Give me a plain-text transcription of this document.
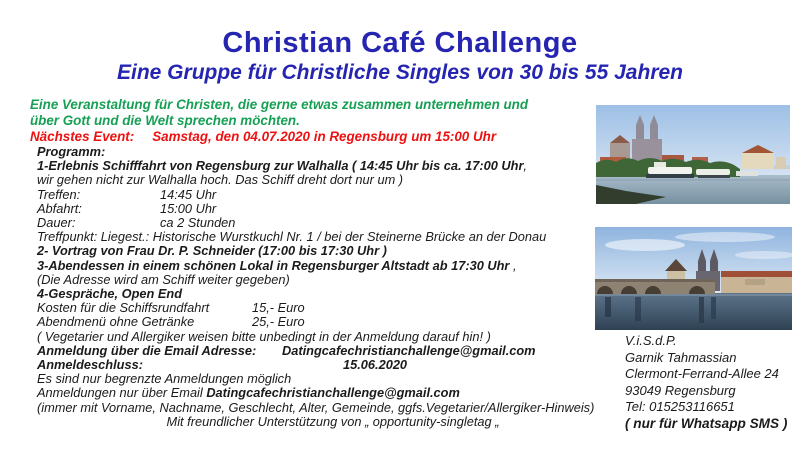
Christian Café Challenge
Eine Gruppe für Christliche Singles von 30 bis 55 Jahren
Eine Veranstaltung für Christen, die gerne etwas zusammen unternehmen und
über Gott und die Welt sprechen möchten.
Nächstes Event: Samstag, den 04.07.2020 in Regensburg um 15:00 Uhr
Programm:
1-Erlebnis Schifffahrt von Regensburg zur Walhalla ( 14:45 Uhr bis ca. 17:00 Uhr,
wir gehen nicht zur Walhalla hoch. Das Schiff dreht dort nur um )
Treffen:	14:45 Uhr
Abfahrt:	15:00 Uhr
Dauer:	ca 2 Stunden
Treffpunkt: Liegest.: Historische Wurstkuchl Nr. 1 / bei der Steinerne Brücke an der Donau
2- Vortrag von Frau Dr. P. Schneider (17:00 bis 17:30 Uhr )
3-Abendessen in einem schönen Lokal in Regensburger Altstadt ab 17:30 Uhr ,
(Die Adresse wird am Schiff weiter gegeben)
4-Gespräche, Open End
Kosten für die Schiffsrundfahrt	15,- Euro
Abendmenü ohne Getränke	25,- Euro
( Vegetarier und Allergiker weisen bitte unbedingt in der Anmeldung darauf hin! )
Anmeldung über die Email Adresse: Datingcafechristianchallenge@gmail.com
Anmeldeschluss:	15.06.2020
Es sind nur begrenzte Anmeldungen möglich
Anmeldungen nur über Email Datingcafechristianchallenge@gmail.com
(immer mit Vorname, Nachname, Geschlecht, Alter, Gemeinde, ggfs.Vegetarier/Allergiker-Hinweis)
Mit freundlicher Unterstützung von „ opportunity-singletag „
V.i.S.d.P.
Garnik Tahmassian
Clermont-Ferrand-Allee 24
93049 Regensburg
Tel: 015253116651
( nur für Whatsapp SMS )
